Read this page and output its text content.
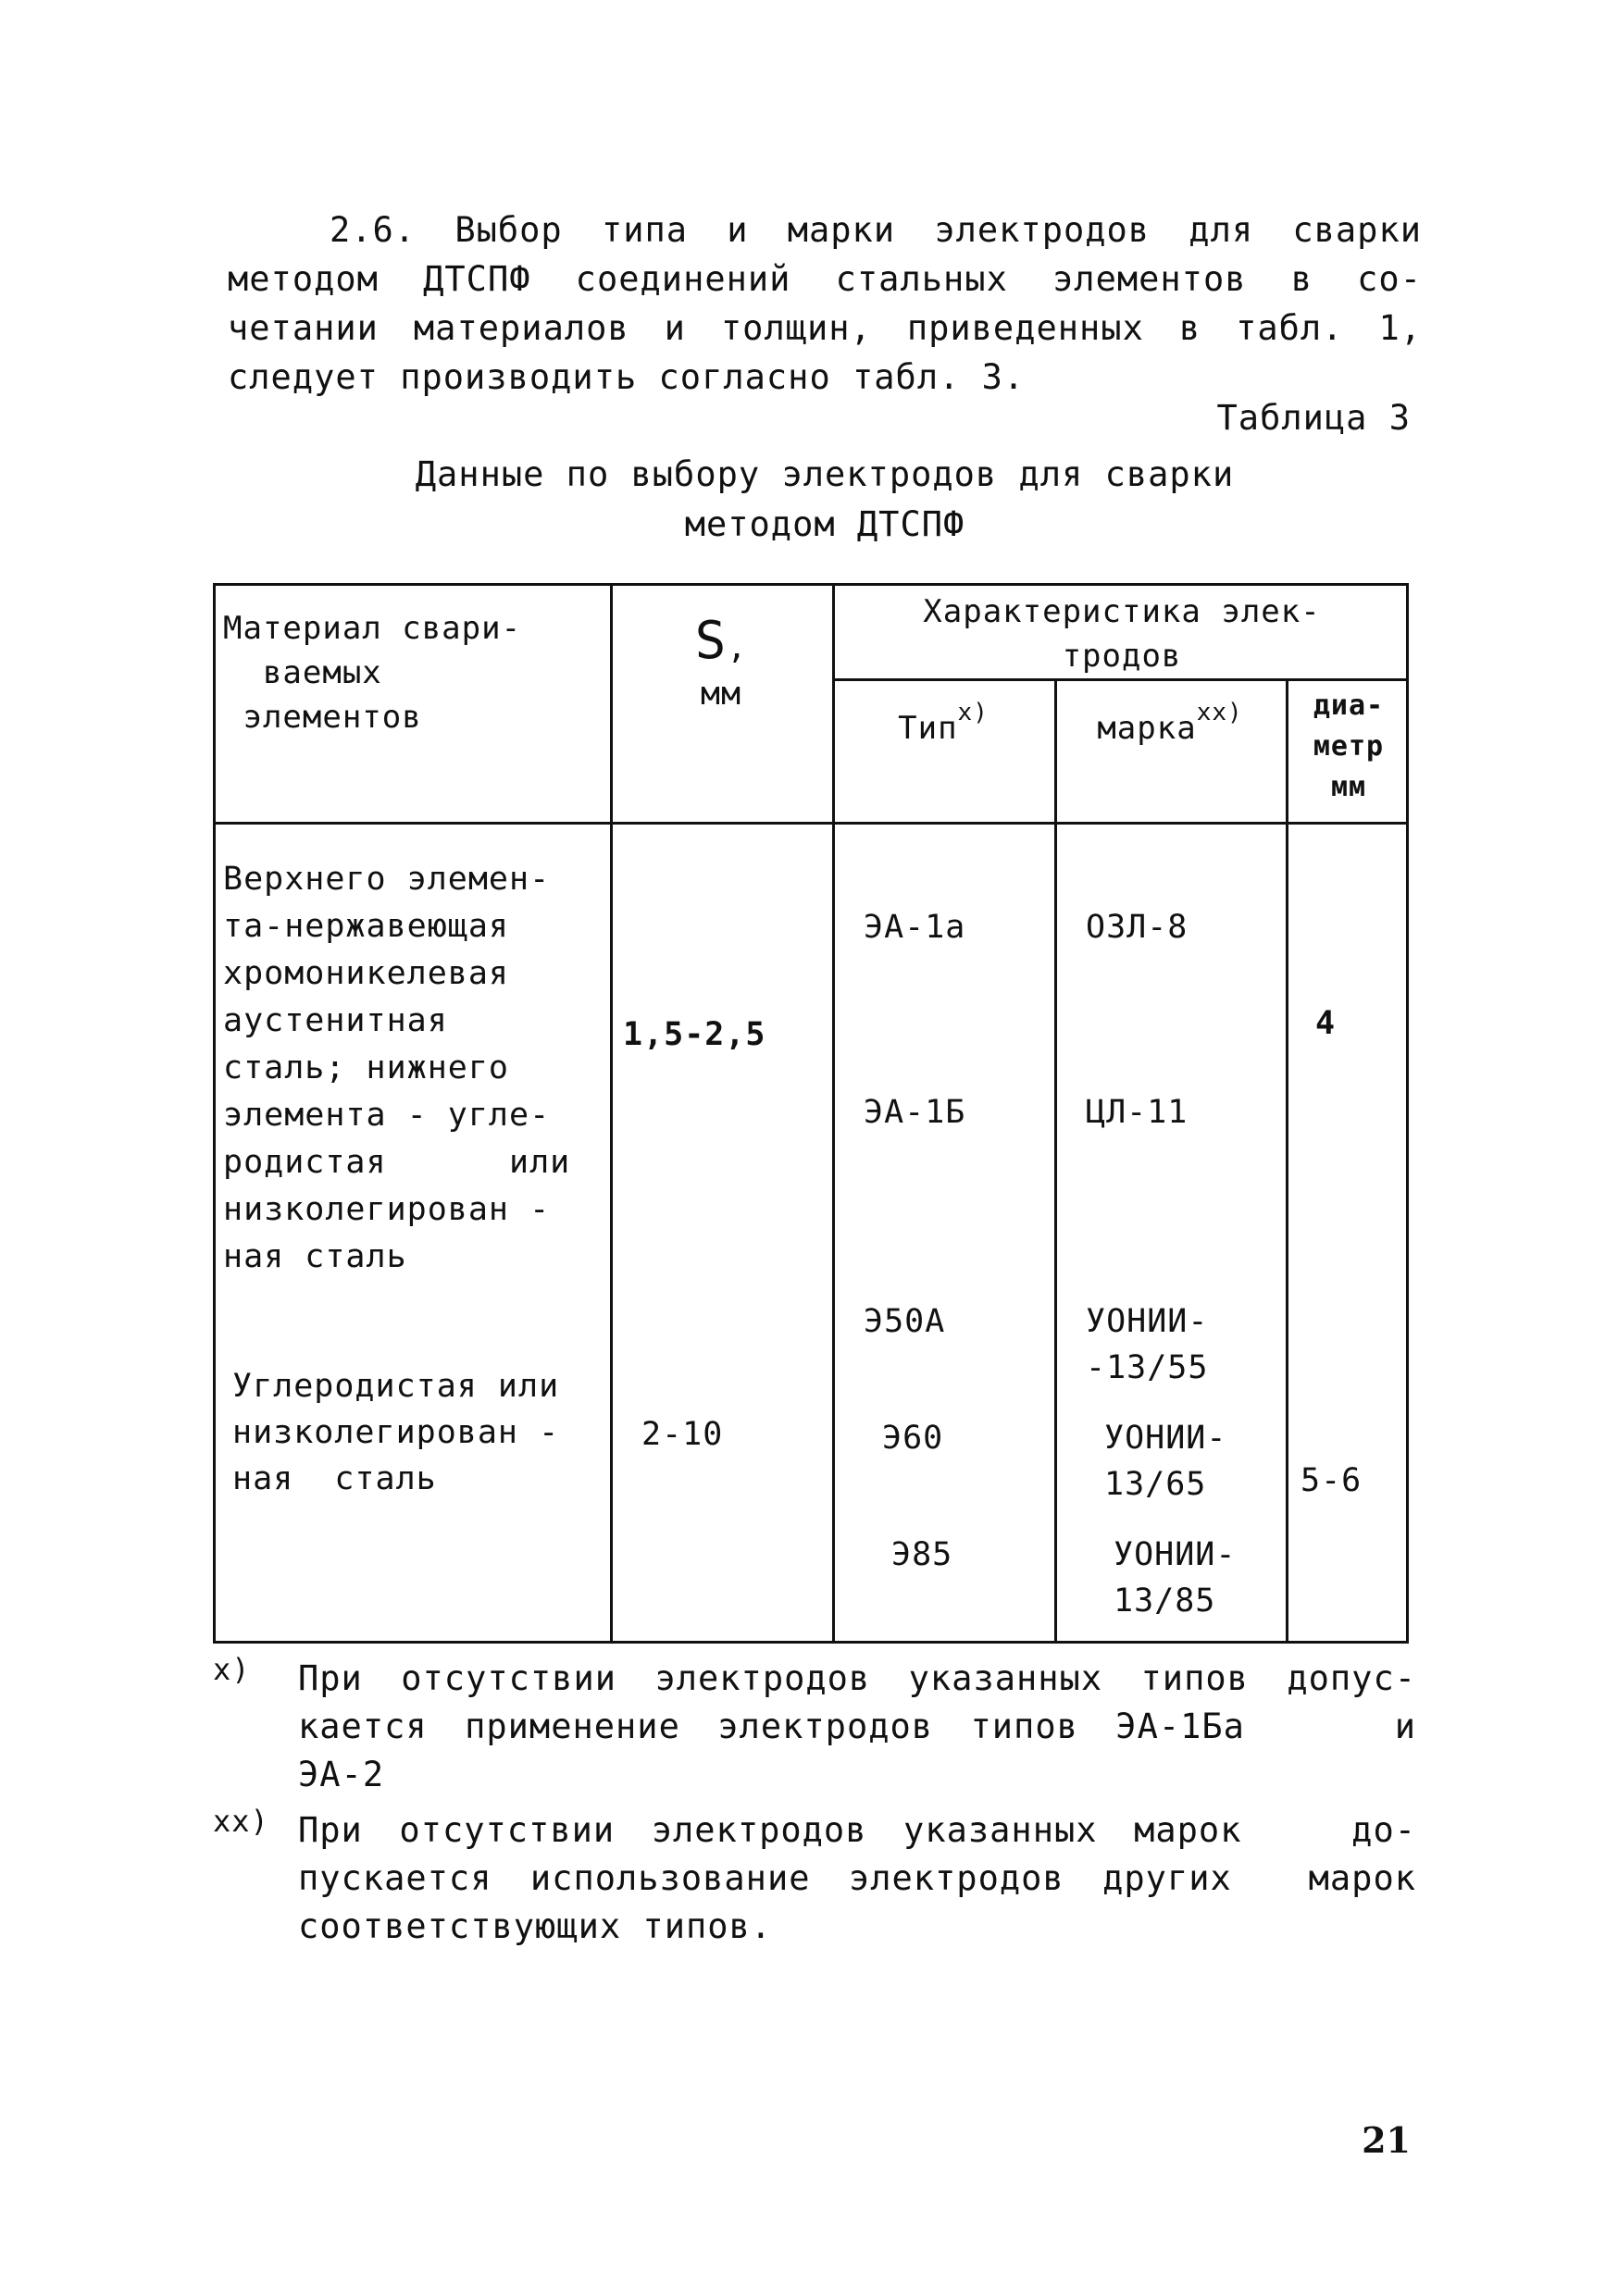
2.6. Выбор типа и марки электродов для сварки
методом ДТСПФ соединений стальных элементов в со-
четании материалов и толщин, приведенных в табл. 1,
следует производить согласно табл. 3.
Таблица 3
Данные по выбору электродов для сварки
методом ДТСПФ
Материал свари-
ваемых
элементов
S,
мм
Характеристика элек-
тродов
Тип$^{x)}$	марка$^{xx)}$	диа-
метр
мм
Верхнего элемен-
та-нержавеющая
хромоникелевая
аустенитная
сталь; нижнего
элемента - угле-
родистая      или
низколегирован -
ная сталь
1,5-2,5
ЭА-1а
ЭА-1Б
ОЗЛ-8
ЦЛ-11
4
Углеродистая или
низколегирован -
ная  сталь
2-10
Э50А
Э60
Э85
УОНИИ-
-13/55
УОНИИ-
13/65
УОНИИ-
13/85
5-6
x) При отсутствии электродов указанных типов допус-
кается применение электродов типов ЭА-1Ба    и
ЭА-2
xx) При отсутствии электродов указанных марок   до-
пускается использование электродов других  марок
соответствующих типов.
21
